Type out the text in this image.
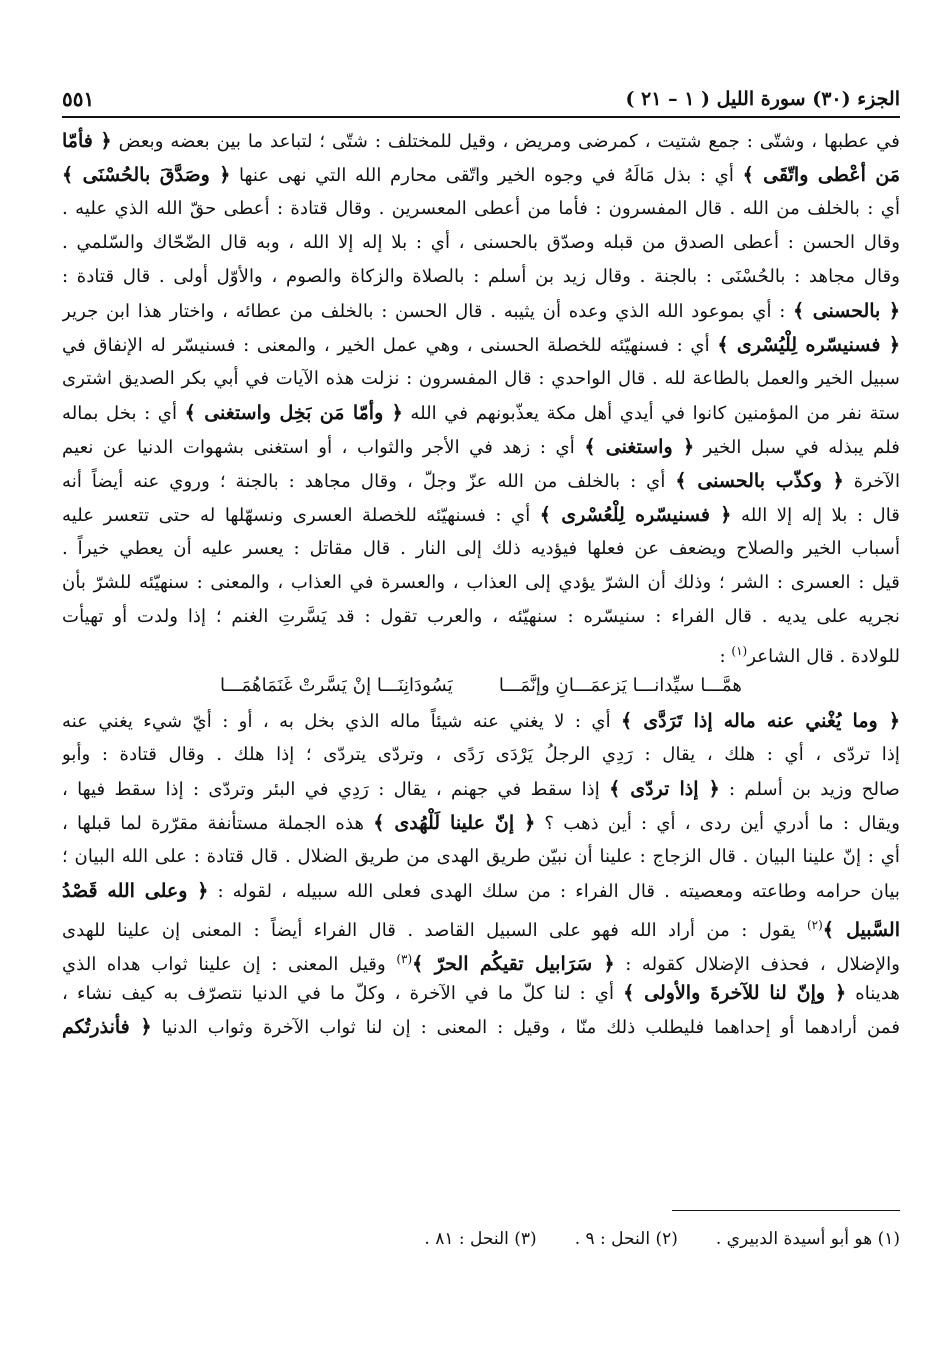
الجزء (٣٠) سورة الليل ( ١ – ٢١ )
٥٥١
في عطبها ، وشتّى : جمع شتيت ، كمرضى ومريض ، وقيل للمختلف : شتّى ؛ لتباعد ما بين بعضه وبعض ﴿ فأمّا
مَن أعْطى واتّقَى ﴾ أي : بذل مَالَهُ في وجوه الخير واتّقى محارم الله التي نهى عنها ﴿ وصَدَّقَ بالحُسْنَى ﴾
أي : بالخلف من الله . قال المفسرون : فأما من أعطى المعسرين . وقال قتادة : أعطى حقّ الله الذي عليه .
وقال الحسن : أعطى الصدق من قبله وصدّق بالحسنى ، أي : بلا إله إلا الله ، وبه قال الضّحّاك والسّلمي .
وقال مجاهد : بالحُسْنَى : بالجنة . وقال زيد بن أسلم : بالصلاة والزكاة والصوم ، والأوّل أولى . قال قتادة :
﴿ بالحسنى ﴾ : أي بموعود الله الذي وعده أن يثيبه . قال الحسن : بالخلف من عطائه ، واختار هذا ابن جرير
﴿ فسنيسّره لِلْيُسْرى ﴾ أي : فسنهيّئه للخصلة الحسنى ، وهي عمل الخير ، والمعنى : فسنيسّر له الإنفاق في
سبيل الخير والعمل بالطاعة لله . قال الواحدي : قال المفسرون : نزلت هذه الآيات في أبي بكر الصديق اشترى
ستة نفر من المؤمنين كانوا في أيدي أهل مكة يعذّبونهم في الله ﴿ وأمّا مَن بَخِل واستغنى ﴾ أي : بخل بماله
فلم يبذله في سبل الخير ﴿ واستغنى ﴾ أي : زهد في الأجر والثواب ، أو استغنى بشهوات الدنيا عن نعيم
الآخرة ﴿ وكذّب بالحسنى ﴾ أي : بالخلف من الله عزّ وجلّ ، وقال مجاهد : بالجنة ؛ وروي عنه أيضاً أنه
قال : بلا إله إلا الله ﴿ فسنيسّره لِلْعُسْرى ﴾ أي : فسنهيّئه للخصلة العسرى ونسهّلها له حتى تتعسر عليه
أسباب الخير والصلاح ويضعف عن فعلها فيؤديه ذلك إلى النار . قال مقاتل : يعسر عليه أن يعطي خيراً .
قيل : العسرى : الشر ؛ وذلك أن الشرّ يؤدي إلى العذاب ، والعسرة في العذاب ، والمعنى : سنهيّئه للشرّ بأن
نجريه على يديه . قال الفراء : سنيسّره : سنهيّئه ، والعرب تقول : قد يَسَّرتِ الغنم ؛ إذا ولدت أو تهيأت
للولادة . قال الشاعر$^{(١)}$ :
همَّـــا سيِّدانـــا يَزعمَـــانِ وإنَّمَـــا
يَسُودَانِنَـــا إنْ يَسَّرتْ غَنَمَاهُمَـــا
﴿ وما يُغْني عنه ماله إذا تَرَدَّى ﴾ أي : لا يغني عنه شيئاً ماله الذي بخل به ، أو : أيّ شيء يغني عنه
إذا تردّى ، أي : هلك ، يقال : رَدِي الرجلُ يَرْدَى رَدًى ، وتردّى يتردّى ؛ إذا هلك . وقال قتادة : وأبو
صالح وزيد بن أسلم : ﴿ إذا تردّى ﴾ إذا سقط في جهنم ، يقال : رَدِي في البئر وتردّى : إذا سقط فيها ،
ويقال : ما أدري أين ردى ، أي : أين ذهب ؟ ﴿ إنّ علينا لَلْهُدى ﴾ هذه الجملة مستأنفة مقرّرة لما قبلها ،
أي : إنّ علينا البيان . قال الزجاج : علينا أن نبيّن طريق الهدى من طريق الضلال . قال قتادة : على الله البيان ؛
بيان حرامه وطاعته ومعصيته . قال الفراء : من سلك الهدى فعلى الله سبيله ، لقوله : ﴿ وعلى الله قَصْدُ
السَّبيل ﴾$^{(٢)}$ يقول : من أراد الله فهو على السبيل القاصد . قال الفراء أيضاً : المعنى إن علينا للهدى
والإضلال ، فحذف الإضلال كقوله : ﴿ سَرَابيل تقيكُم الحرّ ﴾$^{(٣)}$ وقيل المعنى : إن علينا ثواب هداه الذي
هديناه ﴿ وإنّ لنا للآخرةَ والأولى ﴾ أي : لنا كلّ ما في الآخرة ، وكلّ ما في الدنيا نتصرّف به كيف نشاء ،
فمن أرادهما أو إحداهما فليطلب ذلك منّا ، وقيل : المعنى : إن لنا ثواب الآخرة وثواب الدنيا ﴿ فأنذرتُكم
(١) هو أبو أسيدة الدبيري .
(٢) النحل : ٩ .
(٣) النحل : ٨١ .
